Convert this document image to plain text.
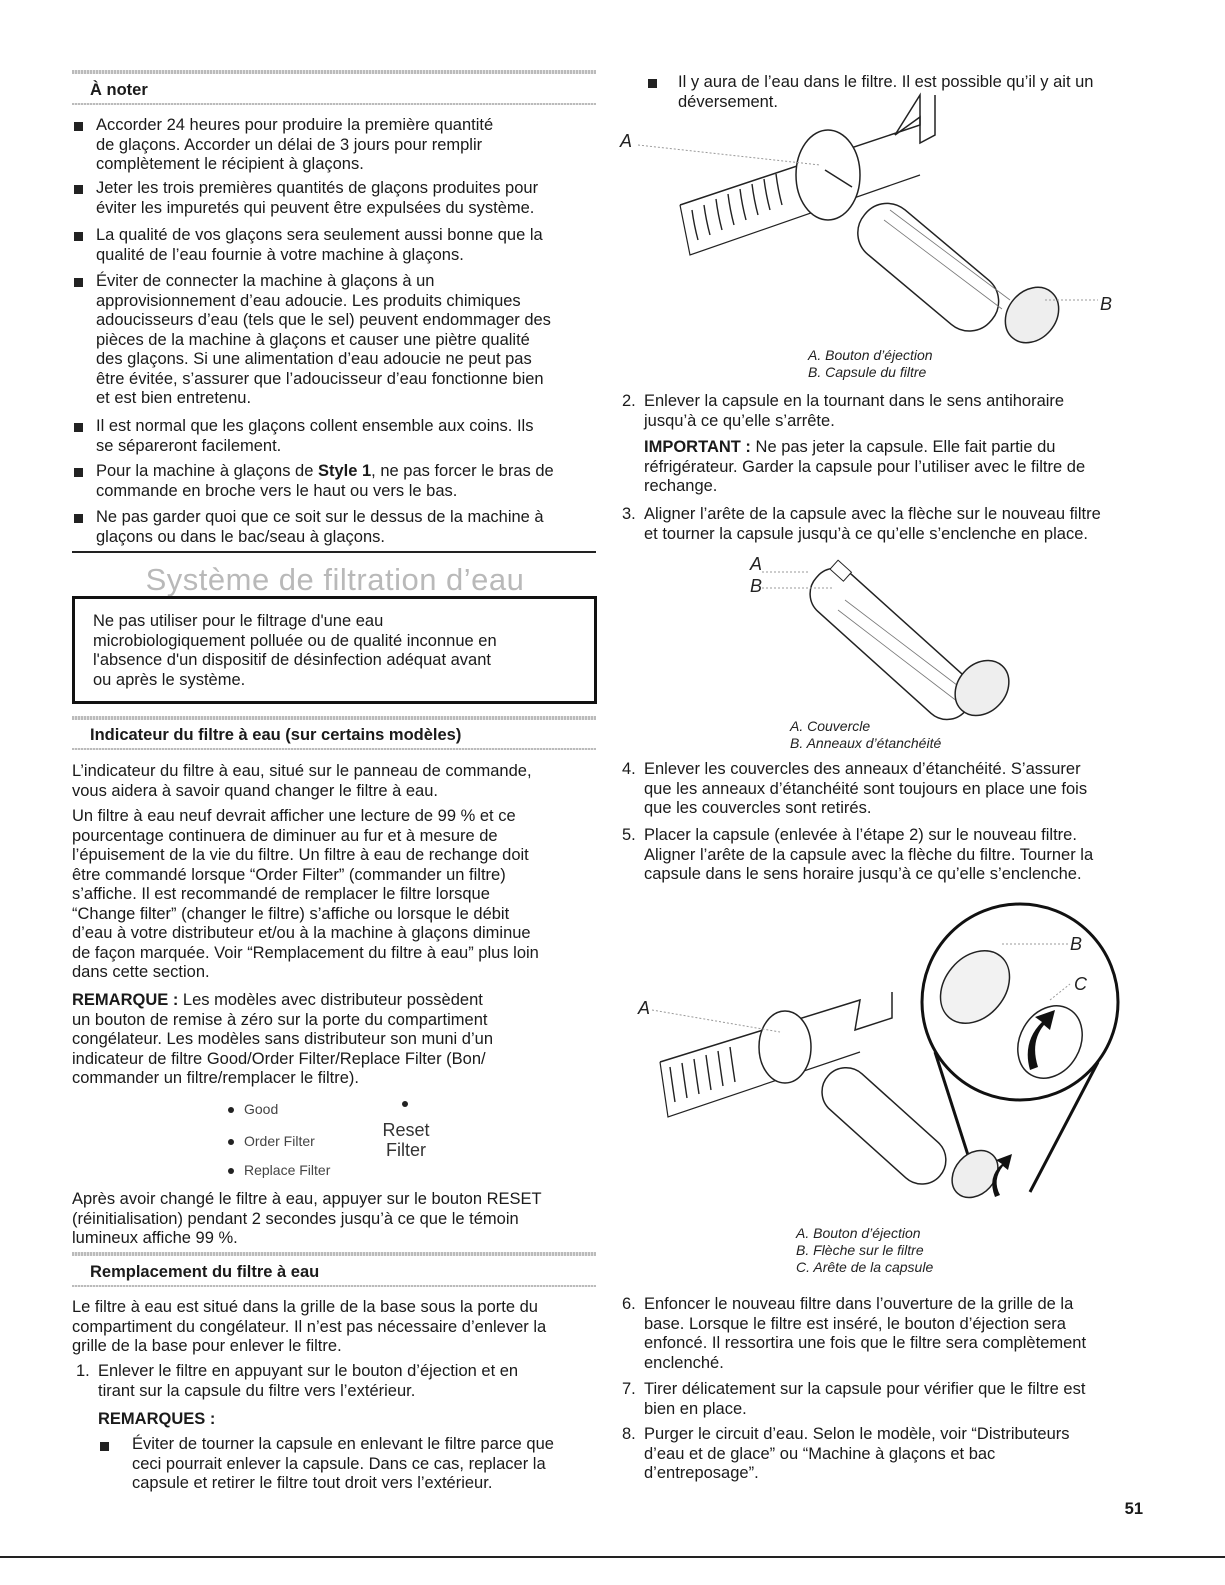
À noter

Accorder 24 heures pour produire la première quantité
de glaçons. Accorder un délai de 3 jours pour remplir
complètement le récipient à glaçons.

Jeter les trois premières quantités de glaçons produites pour
éviter les impuretés qui peuvent être expulsées du système.

La qualité de vos glaçons sera seulement aussi bonne que la
qualité de l’eau fournie à votre machine à glaçons.

Éviter de connecter la machine à glaçons à un
approvisionnement d’eau adoucie. Les produits chimiques
adoucisseurs d’eau (tels que le sel) peuvent endommager des
pièces de la machine à glaçons et causer une piètre qualité
des glaçons. Si une alimentation d’eau adoucie ne peut pas
être évitée, s’assurer que l’adoucisseur d’eau fonctionne bien
et est bien entretenu.

Il est normal que les glaçons collent ensemble aux coins. Ils
se sépareront facilement.

Pour la machine à glaçons de Style 1, ne pas forcer le bras de
commande en broche vers le haut ou vers le bas.

Ne pas garder quoi que ce soit sur le dessus de la machine à
glaçons ou dans le bac/seau à glaçons.

Système de filtration d’eau

Ne pas utiliser pour le filtrage d'une eau
microbiologiquement polluée ou de qualité inconnue en
l'absence d'un dispositif de désinfection adéquat avant
ou après le système.

Indicateur du filtre à eau (sur certains modèles)

L’indicateur du filtre à eau, situé sur le panneau de commande,
vous aidera à savoir quand changer le filtre à eau.

Un filtre à eau neuf devrait afficher une lecture de 99 % et ce
pourcentage continuera de diminuer au fur et à mesure de
l’épuisement de la vie du filtre. Un filtre à eau de rechange doit
être commandé lorsque “Order Filter” (commander un filtre)
s’affiche. Il est recommandé de remplacer le filtre lorsque
“Change filter” (changer le filtre) s’affiche ou lorsque le débit
d’eau à votre distributeur et/ou à la machine à glaçons diminue
de façon marquée. Voir “Remplacement du filtre à eau” plus loin
dans cette section.

REMARQUE : Les modèles avec distributeur possèdent
un bouton de remise à zéro sur la porte du compartiment
congélateur. Les modèles sans distributeur son muni d’un
indicateur de filtre Good/Order Filter/Replace Filter (Bon/
commander un filtre/remplacer le filtre).

Good
Order Filter
Replace Filter
Reset
Filter

Après avoir changé le filtre à eau, appuyer sur le bouton RESET
(réinitialisation) pendant 2 secondes jusqu’à ce que le témoin
lumineux affiche 99 %.

Remplacement du filtre à eau

Le filtre à eau est situé dans la grille de la base sous la porte du
compartiment du congélateur. Il n’est pas nécessaire d’enlever la
grille de la base pour enlever le filtre.

1. Enlever le filtre en appuyant sur le bouton d’éjection et en
tirant sur la capsule du filtre vers l’extérieur.

REMARQUES :

Éviter de tourner la capsule en enlevant le filtre parce que
ceci pourrait enlever la capsule. Dans ce cas, replacer la
capsule et retirer le filtre tout droit vers l’extérieur.

Il y aura de l’eau dans le filtre. Il est possible qu’il y ait un
déversement.

A
B
A. Bouton d’éjection
B. Capsule du filtre
2. Enlever la capsule en la tournant dans le sens antihoraire
jusqu’à ce qu’elle s’arrête.

IMPORTANT : Ne pas jeter la capsule. Elle fait partie du
réfrigérateur. Garder la capsule pour l’utiliser avec le filtre de
rechange.

3. Aligner l’arête de la capsule avec la flèche sur le nouveau filtre
et tourner la capsule jusqu’à ce qu’elle s’enclenche en place.

A
B
A. Couvercle
B. Anneaux d’étanchéité
4. Enlever les couvercles des anneaux d’étanchéité. S’assurer
que les anneaux d’étanchéité sont toujours en place une fois
que les couvercles sont retirés.

5. Placer la capsule (enlevée à l’étape 2) sur le nouveau filtre.
Aligner l’arête de la capsule avec la flèche du filtre. Tourner la
capsule dans le sens horaire jusqu’à ce qu’elle s’enclenche.

A
B
C
A. Bouton d’éjection
B. Flèche sur le filtre
C. Arête de la capsule
6. Enfoncer le nouveau filtre dans l’ouverture de la grille de la
base. Lorsque le filtre est inséré, le bouton d’éjection sera
enfoncé. Il ressortira une fois que le filtre sera complètement
enclenché.

7. Tirer délicatement sur la capsule pour vérifier que le filtre est
bien en place.

8. Purger le circuit d’eau. Selon le modèle, voir “Distributeurs
d’eau et de glace” ou “Machine à glaçons et bac
d’entreposage”.

51
